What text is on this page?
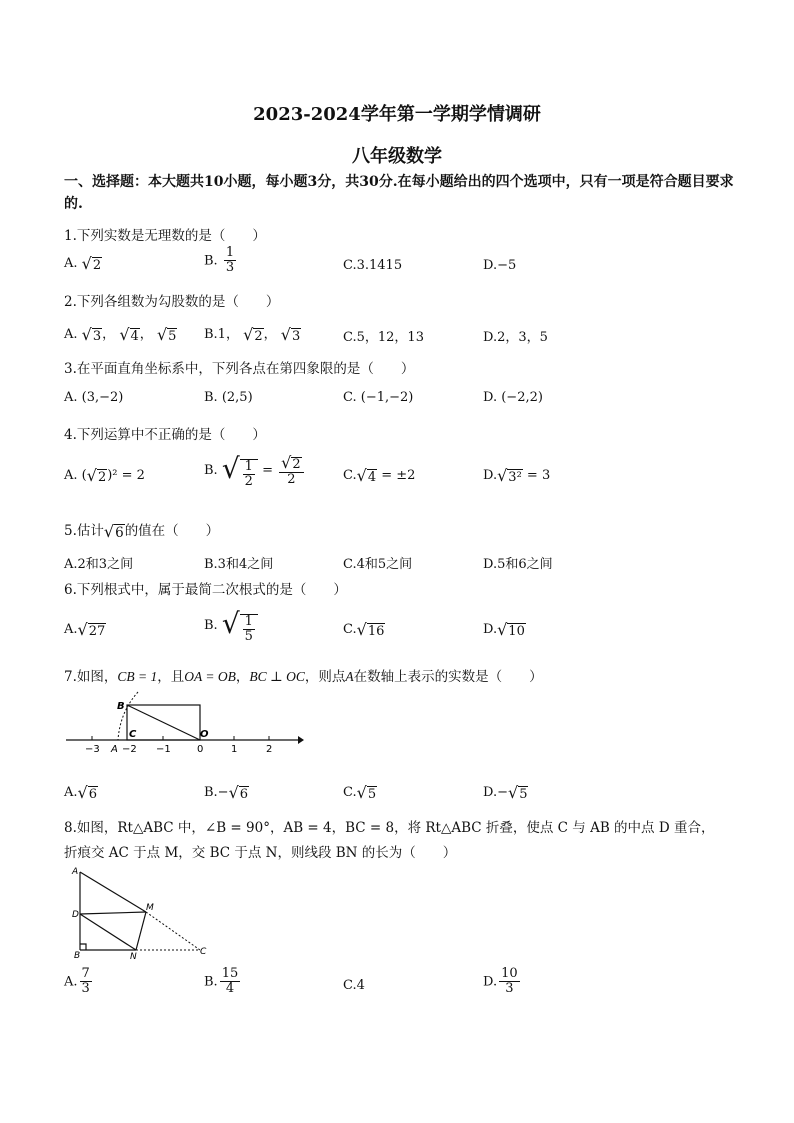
2023-2024学年第一学期学情调研
八年级数学
一、选择题：本大题共10小题，每小题3分，共30分.在每小题给出的四个选项中，只有一项是符合题目要求的.
1.下列实数是无理数的是（　　）
A. √2	B. $\frac{1}{3}$	C.3.1415	D.−5
2.下列各组数为勾股数的是（　　）
A. √3， √4， √5 B.1， √2， √3	C.5，12，13	D.2，3，5
3.在平面直角坐标系中，下列各点在第四象限的是（　　）
A. (3,−2)	B. (2,5)	C. (−1,−2)	D. (−2,2)
4.下列运算中不正确的是（　　）
A. (√2)² = 2	B. √ $\frac{1}{2} = \frac{√2}{2}$	C.√4 = ±2	D.√3² = 3
5.估计√6的值在（　　）
A.2和3之间	B.3和4之间	C.4和5之间	D.5和6之间
6.下列根式中，属于最简二次根式的是（　　）
A.√27	B. √ $\frac{1}{5}$	C.√16	D.√10
7.如图，CB = 1，且OA = OB，BC ⊥ OC，则点A在数轴上表示的实数是（　　）
−3 −2 −1	0	1	2
B
C	O
A
A.√6	B.−√6	C.√5	D.−√5
8.如图，Rt△ABC 中，∠B = 90°，AB = 4，BC = 8，将 Rt△ABC 折叠，使点 C 与 AB 的中点 D 重合，
折痕交 AC 于点 M，交 BC 于点 N，则线段 BN 的长为（　　）
A
D
B
M
N	C
A. $\frac{7}{3}$	B. $\frac{15}{4}$	C.4	D. $\frac{10}{3}$
